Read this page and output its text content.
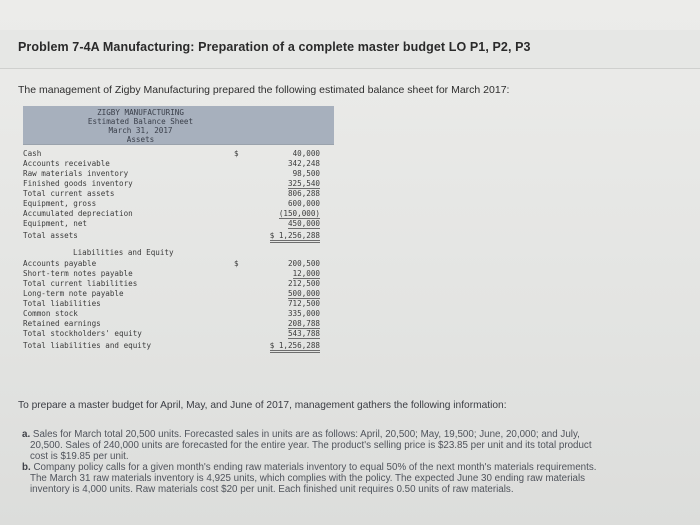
Problem 7-4A Manufacturing: Preparation of a complete master budget LO P1, P2, P3
The management of Zigby Manufacturing prepared the following estimated balance sheet for March 2017:
ZIGBY MANUFACTURING
Estimated Balance Sheet
March 31, 2017
Assets
Cash	$	40,000
Accounts receivable	342,248
Raw materials inventory	98,500
Finished goods inventory	325,540
Total current assets	806,288
Equipment, gross	600,000
Accumulated depreciation	(150,000)
Equipment, net	450,000
Total assets	$ 1,256,288
Liabilities and Equity
Accounts payable	$	200,500
Short-term notes payable	12,000
Total current liabilities	212,500
Long-term note payable	500,000
Total liabilities	712,500
Common stock	335,000
Retained earnings	208,788
Total stockholders' equity	543,788
Total liabilities and equity	$ 1,256,288
To prepare a master budget for April, May, and June of 2017, management gathers the following information:
a. Sales for March total 20,500 units. Forecasted sales in units are as follows: April, 20,500; May, 19,500; June, 20,000; and July,
20,500. Sales of 240,000 units are forecasted for the entire year. The product's selling price is $23.85 per unit and its total product
cost is $19.85 per unit.
b. Company policy calls for a given month's ending raw materials inventory to equal 50% of the next month's materials requirements.
The March 31 raw materials inventory is 4,925 units, which complies with the policy. The expected June 30 ending raw materials
inventory is 4,000 units. Raw materials cost $20 per unit. Each finished unit requires 0.50 units of raw materials.
